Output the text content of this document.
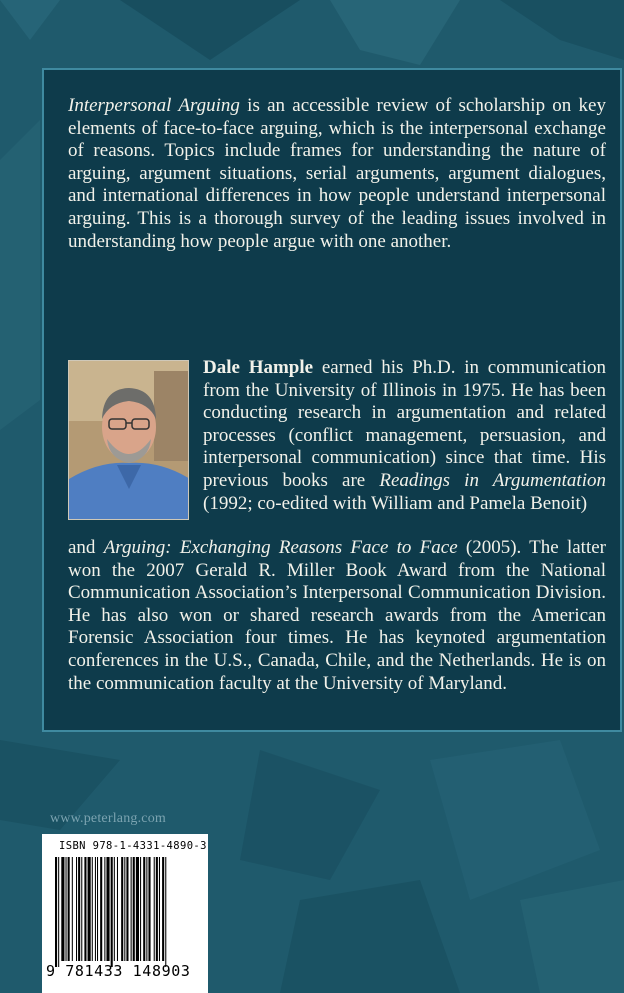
Interpersonal Arguing is an accessible review of scholarship on key elements of face-to-face arguing, which is the interpersonal exchange of reasons. Topics include frames for understanding the nature of arguing, argument situations, serial arguments, argument dialogues, and international differences in how people understand interpersonal arguing. This is a thorough survey of the leading issues involved in understanding how people argue with one another.

Dale Hample earned his Ph.D. in communication from the University of Illinois in 1975. He has been conducting research in argumentation and related processes (conflict management, persuasion, and interpersonal communication) since that time. His previous books are Readings in Argumentation (1992; co-edited with William and Pamela Benoit)

and Arguing: Exchanging Reasons Face to Face (2005). The latter won the 2007 Gerald R. Miller Book Award from the National Communication Association’s Interpersonal Communication Division. He has also won or shared research awards from the American Forensic Association four times. He has keynoted argumentation conferences in the U.S., Canada, Chile, and the Netherlands. He is on the communication faculty at the University of Maryland.

www.peterlang.com
ISBN 978-1-4331-4890-3
9 781433 148903
